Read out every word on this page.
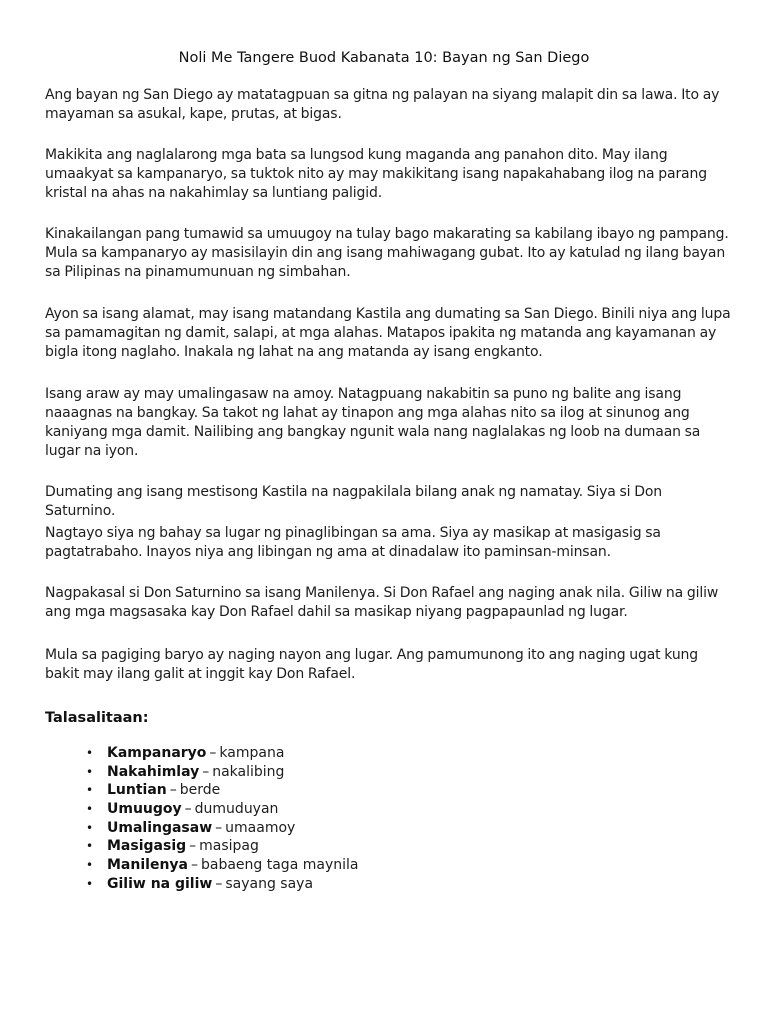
Noli Me Tangere Buod Kabanata 10: Bayan ng San Diego

Ang bayan ng San Diego ay matatagpuan sa gitna ng palayan na siyang malapit din sa lawa. Ito ay mayaman sa asukal, kape, prutas, at bigas.

Makikita ang naglalarong mga bata sa lungsod kung maganda ang panahon dito. May ilang umaakyat sa kampanaryo, sa tuktok nito ay may makikitang isang napakahabang ilog na parang kristal na ahas na nakahimlay sa luntiang paligid.

Kinakailangan pang tumawid sa umuugoy na tulay bago makarating sa kabilang ibayo ng pampang. Mula sa kampanaryo ay masisilayin din ang isang mahiwagang gubat. Ito ay katulad ng ilang bayan sa Pilipinas na pinamumunuan ng simbahan.

Ayon sa isang alamat, may isang matandang Kastila ang dumating sa San Diego. Binili niya ang lupa sa pamamagitan ng damit, salapi, at mga alahas. Matapos ipakita ng matanda ang kayamanan ay bigla itong naglaho. Inakala ng lahat na ang matanda ay isang engkanto.

Isang araw ay may umalingasaw na amoy. Natagpuang nakabitin sa puno ng balite ang isang naaagnas na bangkay. Sa takot ng lahat ay tinapon ang mga alahas nito sa ilog at sinunog ang kaniyang mga damit. Nailibing ang bangkay ngunit wala nang naglalakas ng loob na dumaan sa lugar na iyon.

Dumating ang isang mestisong Kastila na nagpakilala bilang anak ng namatay. Siya si Don Saturnino.

Nagtayo siya ng bahay sa lugar ng pinaglibingan sa ama. Siya ay masikap at masigasig sa pagtatrabaho. Inayos niya ang libingan ng ama at dinadalaw ito paminsan-minsan.

Nagpakasal si Don Saturnino sa isang Manilenya. Si Don Rafael ang naging anak nila. Giliw na giliw ang mga magsasaka kay Don Rafael dahil sa masikap niyang pagpapaunlad ng lugar.

Mula sa pagiging baryo ay naging nayon ang lugar. Ang pamumunong ito ang naging ugat kung bakit may ilang galit at inggit kay Don Rafael.

Talasalitaan:
• Kampanaryo – kampana
• Nakahimlay – nakalibing
• Luntian – berde
• Umuugoy – dumuduyan
• Umalingasaw – umaamoy
• Masigasig – masipag
• Manilenya – babaeng taga maynila
• Giliw na giliw – sayang saya
